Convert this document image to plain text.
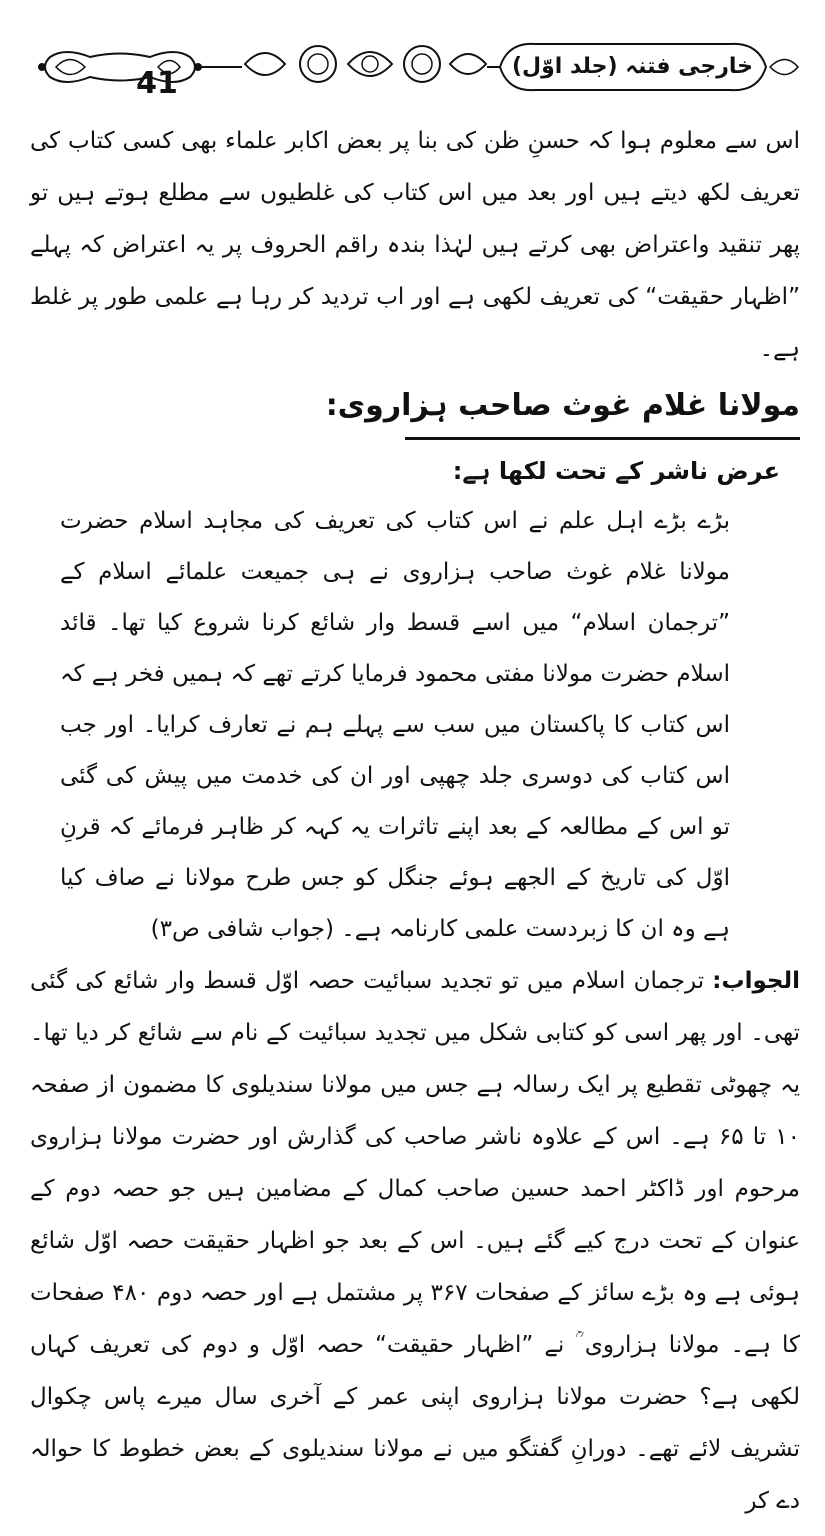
41	خارجی فتنہ (جلد اوّل)

اس سے معلوم ہوا کہ حسنِ ظن کی بنا پر بعض اکابر علماء بھی کسی کتاب کی تعریف لکھ دیتے ہیں اور بعد میں اس کتاب کی غلطیوں سے مطلع ہوتے ہیں تو پھر تنقید واعتراض بھی کرتے ہیں لہٰذا بندہ راقم الحروف پر یہ اعتراض کہ پہلے ”اظہار حقیقت“ کی تعریف لکھی ہے اور اب تردید کر رہا ہے علمی طور پر غلط ہے۔

مولانا غلام غوث صاحب ہزاروی:

عرض ناشر کے تحت لکھا ہے:

بڑے بڑے اہل علم نے اس کتاب کی تعریف کی مجاہد اسلام حضرت مولانا غلام غوث صاحب ہزاروی نے ہی جمیعت علمائے اسلام کے ”ترجمان اسلام“ میں اسے قسط وار شائع کرنا شروع کیا تھا۔ قائد اسلام حضرت مولانا مفتی محمود فرمایا کرتے تھے کہ ہمیں فخر ہے کہ اس کتاب کا پاکستان میں سب سے پہلے ہم نے تعارف کرایا۔ اور جب اس کتاب کی دوسری جلد چھپی اور ان کی خدمت میں پیش کی گئی تو اس کے مطالعہ کے بعد اپنے تاثرات یہ کہہ کر ظاہر فرمائے کہ قرنِ اوّل کی تاریخ کے الجھے ہوئے جنگل کو جس طرح مولانا نے صاف کیا ہے وہ ان کا زبردست علمی کارنامہ ہے۔ (جواب شافی ص۳)

الجواب: ترجمان اسلام میں تو تجدید سبائیت حصہ اوّل قسط وار شائع کی گئی تھی۔ اور پھر اسی کو کتابی شکل میں تجدید سبائیت کے نام سے شائع کر دیا تھا۔ یہ چھوٹی تقطیع پر ایک رسالہ ہے جس میں مولانا سندیلوی کا مضمون از صفحہ ۱۰ تا ۶۵ ہے۔ اس کے علاوہ ناشر صاحب کی گذارش اور حضرت مولانا ہزاروی مرحوم اور ڈاکٹر احمد حسین صاحب کمال کے مضامین ہیں جو حصہ دوم کے عنوان کے تحت درج کیے گئے ہیں۔ اس کے بعد جو اظہار حقیقت حصہ اوّل شائع ہوئی ہے وہ بڑے سائز کے صفحات ۳۶۷ پر مشتمل ہے اور حصہ دوم ۴۸۰ صفحات کا ہے۔ مولانا ہزاروی ؒ نے ”اظہار حقیقت“ حصہ اوّل و دوم کی تعریف کہاں لکھی ہے؟ حضرت مولانا ہزاروی اپنی عمر کے آخری سال میرے پاس چکوال تشریف لائے تھے۔ دورانِ گفتگو میں نے مولانا سندیلوی کے بعض خطوط کا حوالہ دے کر
